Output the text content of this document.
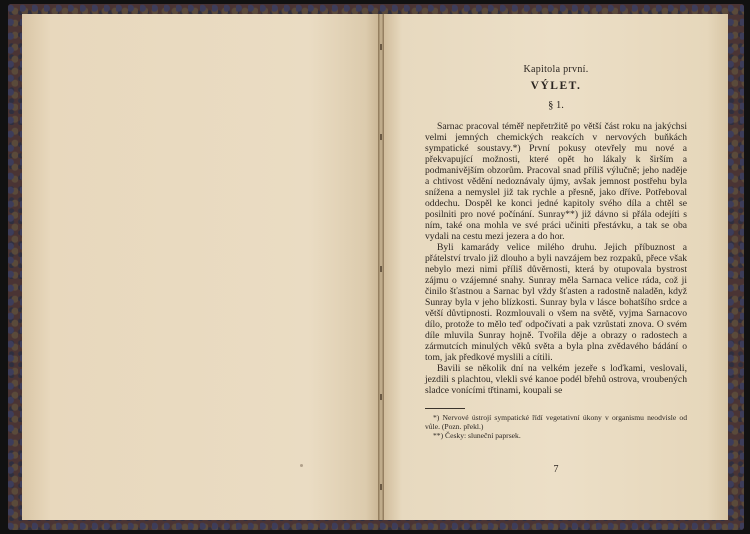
Kapitola první.
VÝLET.
§ 1.

Sarnac pracoval téměř nepřetržitě po větší část roku na jakýchsi velmi jemných chemických reakcích v nervových buňkách sympatické soustavy.*) První pokusy otevřely mu nové a překvapující možnosti, které opět ho lákaly k širším a podmanivějším obzorům. Pracoval snad příliš výlučně; jeho naděje a chtivost vědění nedoznávaly újmy, avšak jemnost postřehu byla snížena a nemyslel již tak rychle a přesně, jako dříve. Potřeboval oddechu. Dospěl ke konci jedné kapitoly svého díla a chtěl se posilniti pro nové počínání. Sunray**) již dávno si přála odejíti s ním, také ona mohla ve své práci učiniti přestávku, a tak se oba vydali na cestu mezi jezera a do hor.

Byli kamarády velice milého druhu. Jejich příbuznost a přátelství trvalo již dlouho a byli navzájem bez rozpaků, přece však nebylo mezi nimi příliš důvěrnosti, která by otupovala bystrost zájmu o vzájemné snahy. Sunray měla Sarnaca velice ráda, což ji činilo šťastnou a Sarnac byl vždy šťasten a radostně naladěn, když Sunray byla v jeho blízkosti. Sunray byla v lásce bohatšího srdce a větší důvtipnosti. Rozmlouvali o všem na světě, vyjma Sarnacovo dílo, protože to mělo teď odpočívati a pak vzrůstati znova. O svém díle mluvila Sunray hojně. Tvořila děje a obrazy o radostech a zármutcích minulých věků světa a byla plna zvědavého bádání o tom, jak předkové myslili a cítili.

Bavili se několik dní na velkém jezeře s loďkami, veslovali, jezdili s plachtou, vlekli své kanoe podél břehů ostrova, vroubených sladce vonícími třtinami, koupali se

*) Nervové ústrojí sympatické řídí vegetativní úkony v organismu neodvisle od vůle. (Pozn. překl.)

**) Česky: sluneční paprsek.

7
